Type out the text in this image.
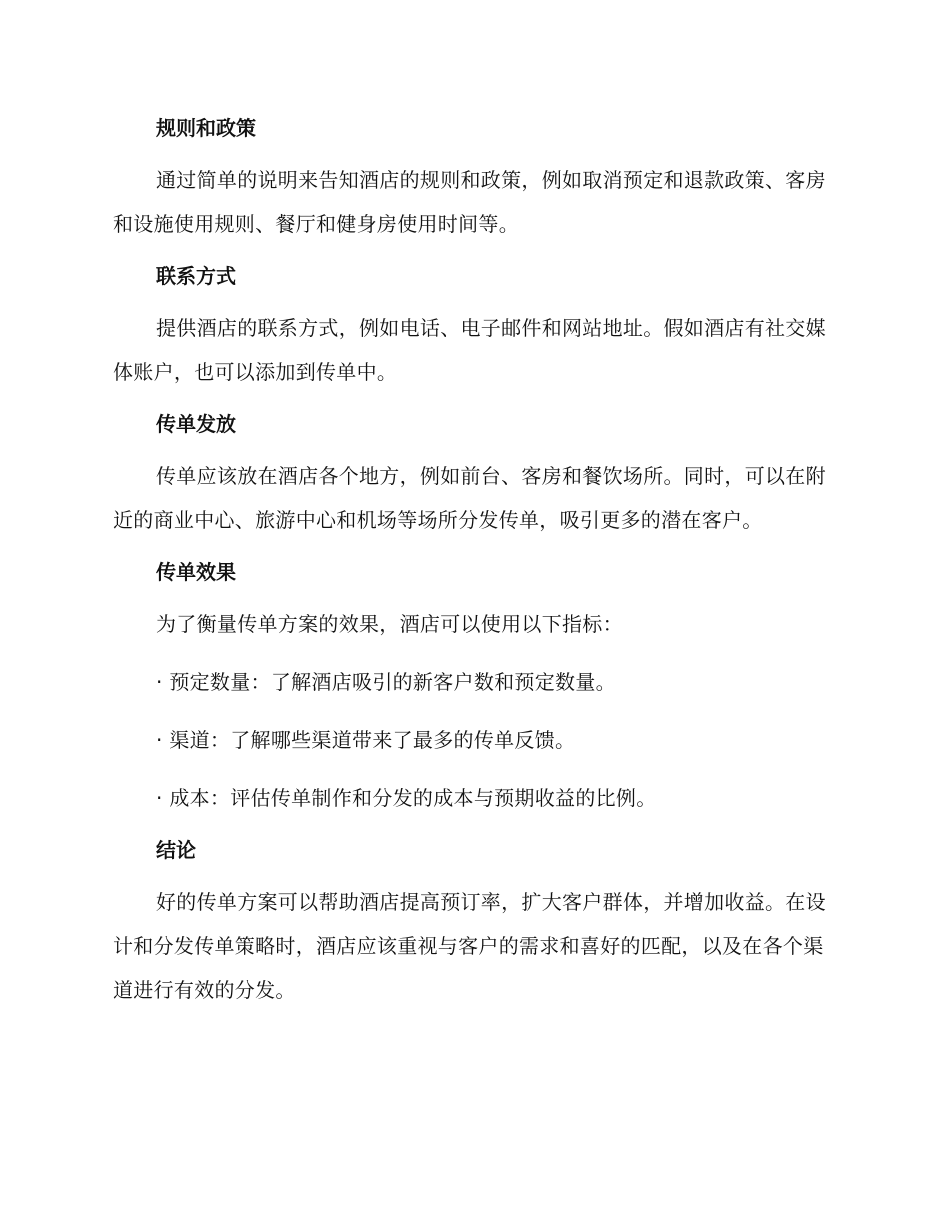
规则和政策

通过简单的说明来告知酒店的规则和政策，例如取消预定和退款政策、客房和设施使用规则、餐厅和健身房使用时间等。

联系方式

提供酒店的联系方式，例如电话、电子邮件和网站地址。假如酒店有社交媒体账户，也可以添加到传单中。

传单发放

传单应该放在酒店各个地方，例如前台、客房和餐饮场所。同时，可以在附近的商业中心、旅游中心和机场等场所分发传单，吸引更多的潜在客户。

传单效果

为了衡量传单方案的效果，酒店可以使用以下指标：

· 预定数量：了解酒店吸引的新客户数和预定数量。

· 渠道：了解哪些渠道带来了最多的传单反馈。

· 成本：评估传单制作和分发的成本与预期收益的比例。

结论

好的传单方案可以帮助酒店提高预订率，扩大客户群体，并增加收益。在设计和分发传单策略时，酒店应该重视与客户的需求和喜好的匹配，以及在各个渠道进行有效的分发。
